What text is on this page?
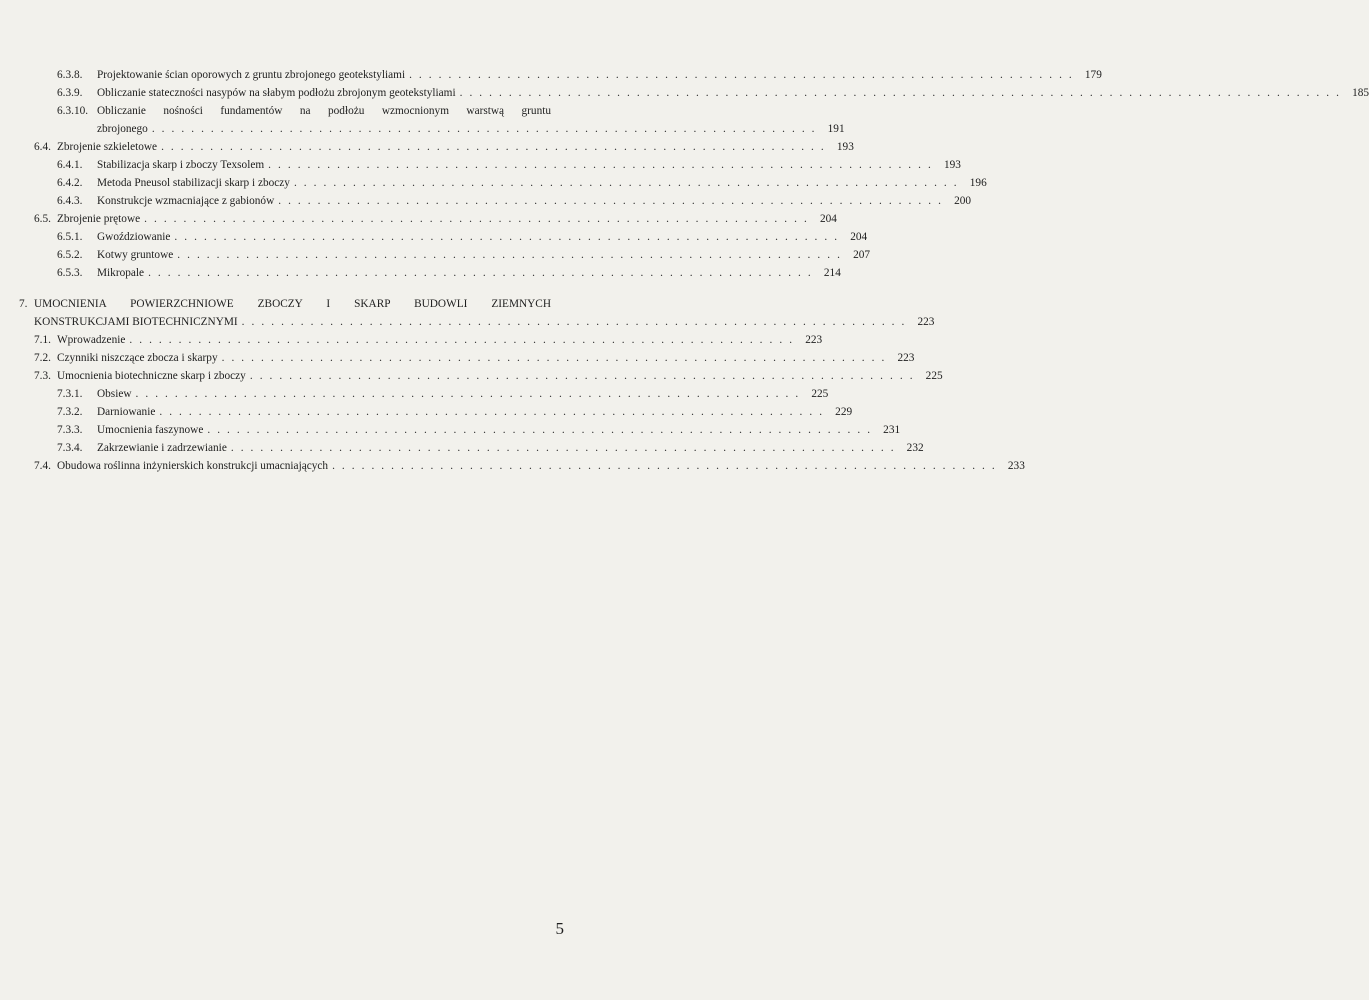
6.3.8. Projektowanie ścian oporowych z gruntu zbrojonego geotekstyliami . . . . . . . . . . . . . . . . . . . . . . . . . . . . . . . . . . . . . . . . . . . . . . . . . . . . . . . . . . . . . . . . . . . . 179
6.3.9. Obliczanie stateczności nasypów na słabym podłożu zbrojonym geotekstyliami . . . . . . . . . . . . . . . . . . . . . . . . . . . . . . . . . . . . . . . . . . . . . . . . . . . . . . . . . . . . . . . . . . . . . . . . . . . . . . . . . . . . . . . . . . 185
6.3.10. Obliczanie nośności fundamentów na podłożu wzmocnionym warstwą gruntu
zbrojonego . . . . . . . . . . . . . . . . . . . . . . . . . . . . . . . . . . . . . . . . . . . . . . . . . . . . . . . . . . . . . . . . . . . . 191
6.4. Zbrojenie szkieletowe . . . . . . . . . . . . . . . . . . . . . . . . . . . . . . . . . . . . . . . . . . . . . . . . . . . . . . . . . . . . . . . . . . . . 193
6.4.1. Stabilizacja skarp i zboczy Texsolem . . . . . . . . . . . . . . . . . . . . . . . . . . . . . . . . . . . . . . . . . . . . . . . . . . . . . . . . . . . . . . . . . . . . 193
6.4.2. Metoda Pneusol stabilizacji skarp i zboczy . . . . . . . . . . . . . . . . . . . . . . . . . . . . . . . . . . . . . . . . . . . . . . . . . . . . . . . . . . . . . . . . . . . . 196
6.4.3. Konstrukcje wzmacniające z gabionów . . . . . . . . . . . . . . . . . . . . . . . . . . . . . . . . . . . . . . . . . . . . . . . . . . . . . . . . . . . . . . . . . . . . 200
6.5. Zbrojenie prętowe . . . . . . . . . . . . . . . . . . . . . . . . . . . . . . . . . . . . . . . . . . . . . . . . . . . . . . . . . . . . . . . . . . . . 204
6.5.1. Gwoździowanie . . . . . . . . . . . . . . . . . . . . . . . . . . . . . . . . . . . . . . . . . . . . . . . . . . . . . . . . . . . . . . . . . . . . 204
6.5.2. Kotwy gruntowe . . . . . . . . . . . . . . . . . . . . . . . . . . . . . . . . . . . . . . . . . . . . . . . . . . . . . . . . . . . . . . . . . . . . 207
6.5.3. Mikropale . . . . . . . . . . . . . . . . . . . . . . . . . . . . . . . . . . . . . . . . . . . . . . . . . . . . . . . . . . . . . . . . . . . . 214
7. UMOCNIENIA POWIERZCHNIOWE ZBOCZY I SKARP BUDOWLI ZIEMNYCH
KONSTRUKCJAMI BIOTECHNICZNYMI . . . . . . . . . . . . . . . . . . . . . . . . . . . . . . . . . . . . . . . . . . . . . . . . . . . . . . . . . . . . . . . . . . . . 223
7.1. Wprowadzenie . . . . . . . . . . . . . . . . . . . . . . . . . . . . . . . . . . . . . . . . . . . . . . . . . . . . . . . . . . . . . . . . . . . . 223
7.2. Czynniki niszczące zbocza i skarpy . . . . . . . . . . . . . . . . . . . . . . . . . . . . . . . . . . . . . . . . . . . . . . . . . . . . . . . . . . . . . . . . . . . . 223
7.3. Umocnienia biotechniczne skarp i zboczy . . . . . . . . . . . . . . . . . . . . . . . . . . . . . . . . . . . . . . . . . . . . . . . . . . . . . . . . . . . . . . . . . . . . 225
7.3.1. Obsiew . . . . . . . . . . . . . . . . . . . . . . . . . . . . . . . . . . . . . . . . . . . . . . . . . . . . . . . . . . . . . . . . . . . . 225
7.3.2. Darniowanie . . . . . . . . . . . . . . . . . . . . . . . . . . . . . . . . . . . . . . . . . . . . . . . . . . . . . . . . . . . . . . . . . . . . 229
7.3.3. Umocnienia faszynowe . . . . . . . . . . . . . . . . . . . . . . . . . . . . . . . . . . . . . . . . . . . . . . . . . . . . . . . . . . . . . . . . . . . . 231
7.3.4. Zakrzewianie i zadrzewianie . . . . . . . . . . . . . . . . . . . . . . . . . . . . . . . . . . . . . . . . . . . . . . . . . . . . . . . . . . . . . . . . . . . . 232
7.4. Obudowa roślinna inżynierskich konstrukcji umacniających . . . . . . . . . . . . . . . . . . . . . . . . . . . . . . . . . . . . . . . . . . . . . . . . . . . . . . . . . . . . . . . . . . . . 233
5
